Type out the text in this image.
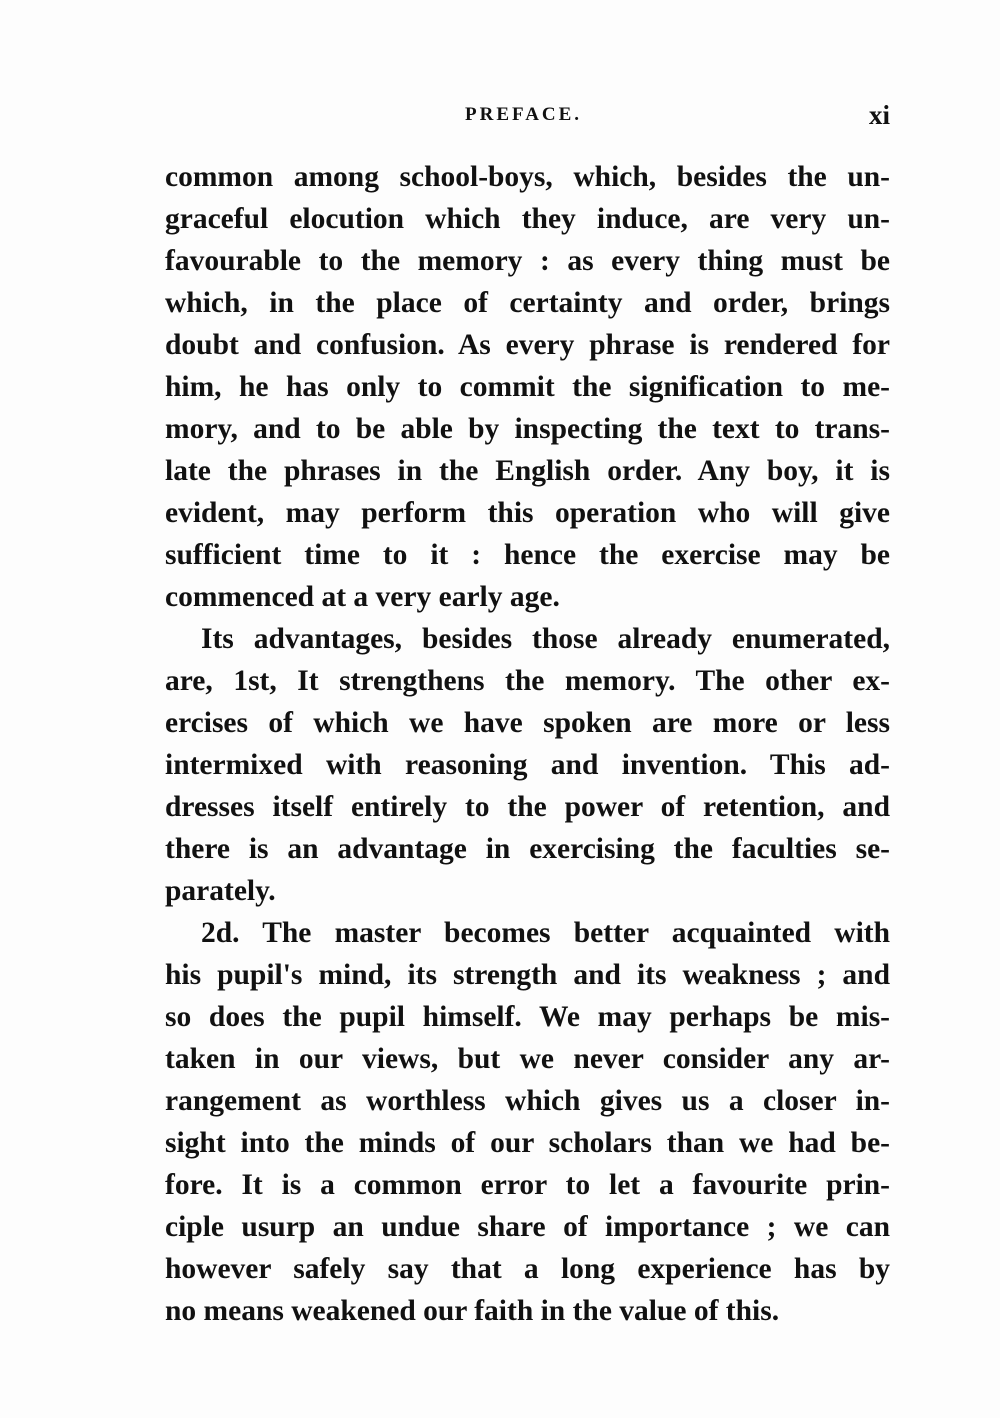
PREFACE.	xi
common among school-boys, which, besides the un-
graceful elocution which they induce, are very un-
favourable to the memory : as every thing must be
which, in the place of certainty and order, brings
doubt and confusion. As every phrase is rendered for
him, he has only to commit the signification to me-
mory, and to be able by inspecting the text to trans-
late the phrases in the English order. Any boy, it is
evident, may perform this operation who will give
sufficient time to it : hence the exercise may be
commenced at a very early age.
Its advantages, besides those already enumerated,
are, 1st, It strengthens the memory. The other ex-
ercises of which we have spoken are more or less
intermixed with reasoning and invention. This ad-
dresses itself entirely to the power of retention, and
there is an advantage in exercising the faculties se-
parately.
2d. The master becomes better acquainted with
his pupil's mind, its strength and its weakness ; and
so does the pupil himself. We may perhaps be mis-
taken in our views, but we never consider any ar-
rangement as worthless which gives us a closer in-
sight into the minds of our scholars than we had be-
fore. It is a common error to let a favourite prin-
ciple usurp an undue share of importance ; we can
however safely say that a long experience has by
no means weakened our faith in the value of this.
